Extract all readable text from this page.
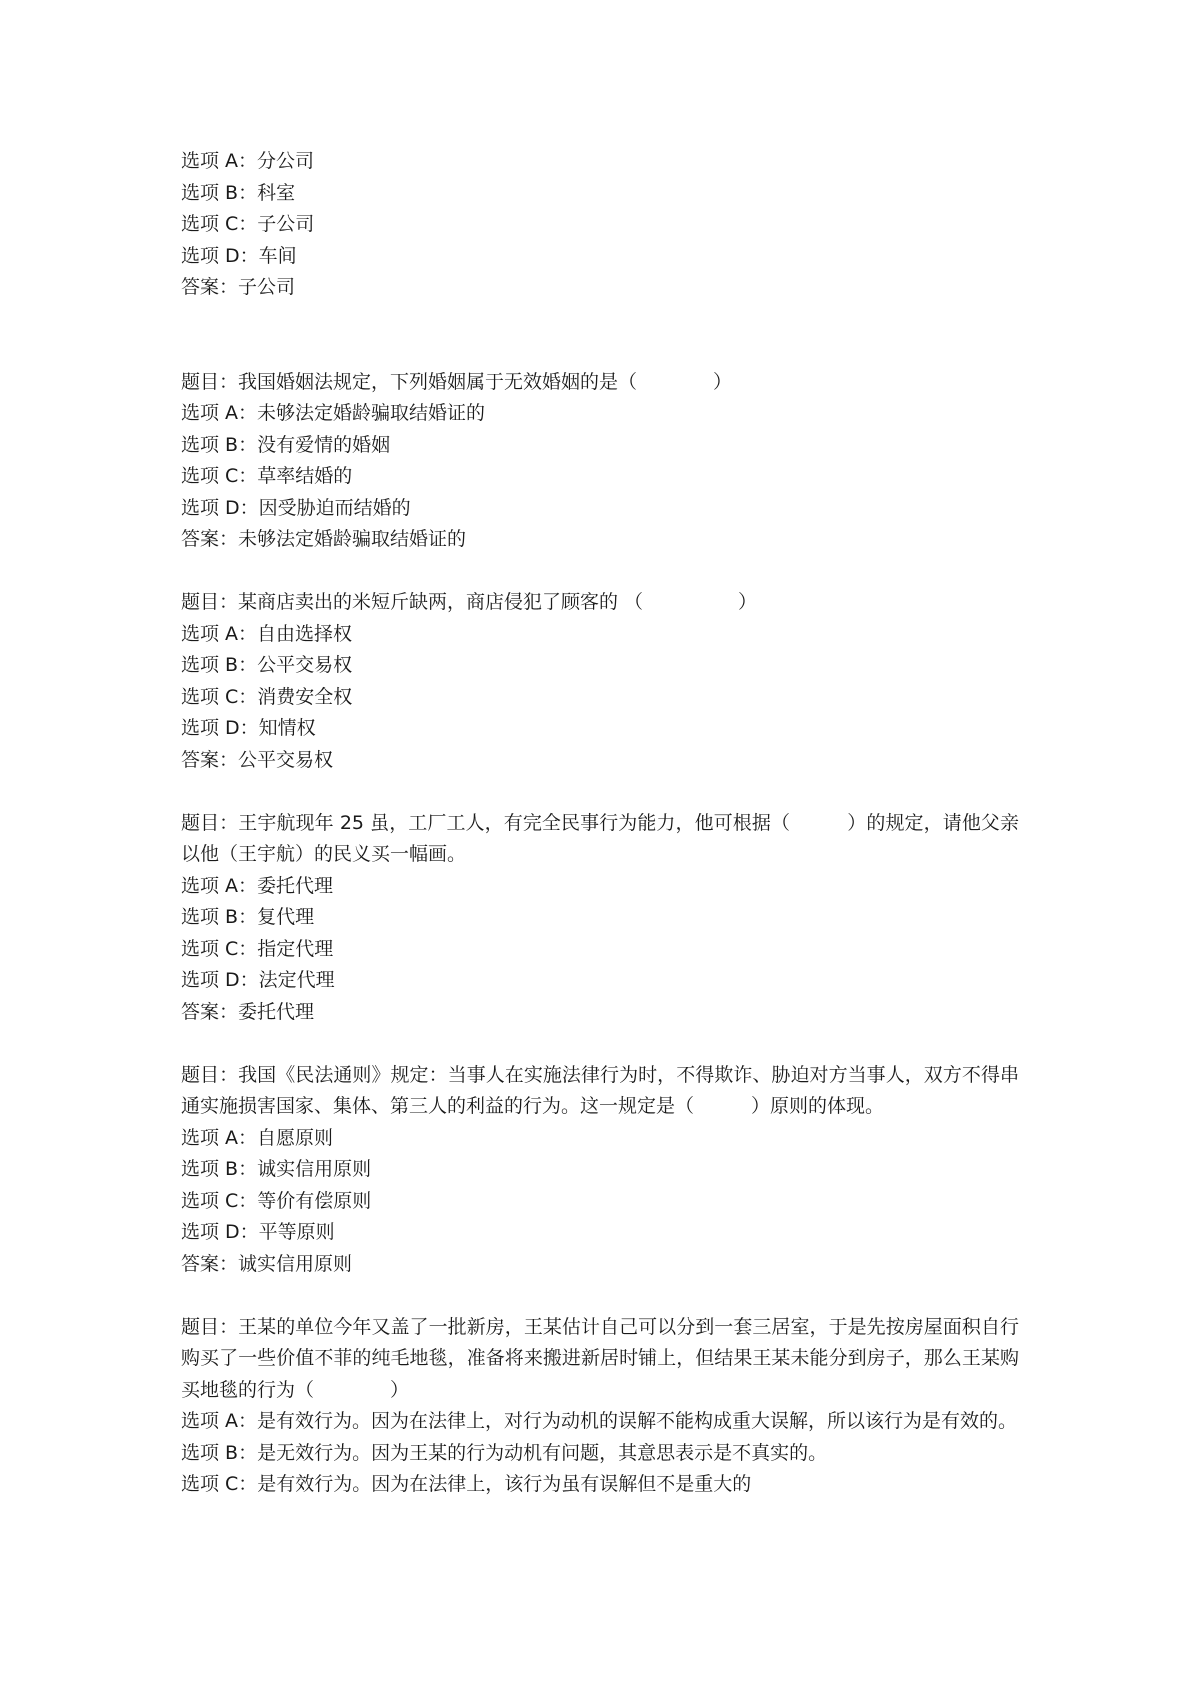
选项 A：分公司

选项 B：科室

选项 C：子公司

选项 D：车间

答案：子公司

题目：我国婚姻法规定，下列婚姻属于无效婚姻的是（　　　　）

选项 A：未够法定婚龄骗取结婚证的

选项 B：没有爱情的婚姻

选项 C：草率结婚的

选项 D：因受胁迫而结婚的

答案：未够法定婚龄骗取结婚证的

题目：某商店卖出的米短斤缺两，商店侵犯了顾客的 （　　　　　）

选项 A：自由选择权

选项 B：公平交易权

选项 C：消费安全权

选项 D：知情权

答案：公平交易权

题目：王宇航现年 25 虽，工厂工人，有完全民事行为能力，他可根据（　　　）的规定，请他父亲以他（王宇航）的民义买一幅画。

选项 A：委托代理

选项 B：复代理

选项 C：指定代理

选项 D：法定代理

答案：委托代理

题目：我国《民法通则》规定：当事人在实施法律行为时，不得欺诈、胁迫对方当事人，双方不得串通实施损害国家、集体、第三人的利益的行为。这一规定是（　　　）原则的体现。

选项 A：自愿原则

选项 B：诚实信用原则

选项 C：等价有偿原则

选项 D：平等原则

答案：诚实信用原则

题目：王某的单位今年又盖了一批新房，王某估计自己可以分到一套三居室，于是先按房屋面积自行购买了一些价值不菲的纯毛地毯，准备将来搬进新居时铺上，但结果王某未能分到房子，那么王某购买地毯的行为（　　　　）

选项 A：是有效行为。因为在法律上，对行为动机的误解不能构成重大误解，所以该行为是有效的。

选项 B：是无效行为。因为王某的行为动机有问题，其意思表示是不真实的。

选项 C：是有效行为。因为在法律上，该行为虽有误解但不是重大的
